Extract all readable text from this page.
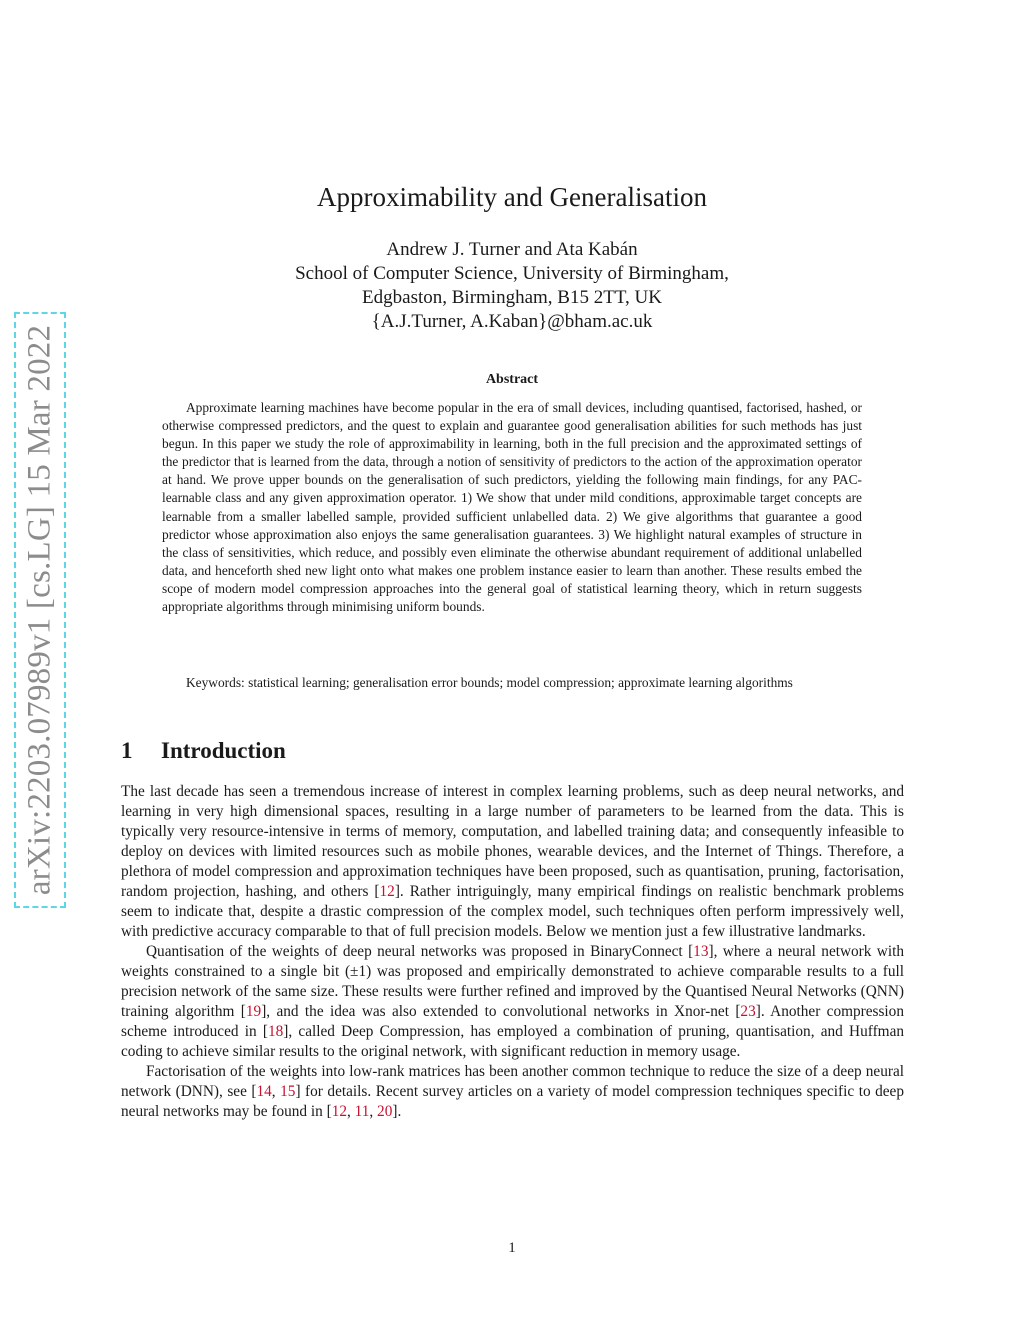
arXiv:2203.07989v1 [cs.LG] 15 Mar 2022
Approximability and Generalisation
Andrew J. Turner and Ata Kabán
School of Computer Science, University of Birmingham,
Edgbaston, Birmingham, B15 2TT, UK
{A.J.Turner, A.Kaban}@bham.ac.uk
Abstract

Approximate learning machines have become popular in the era of small devices, including quantised, factorised, hashed, or otherwise compressed predictors, and the quest to explain and guarantee good generalisation abilities for such methods has just begun. In this paper we study the role of approximability in learning, both in the full precision and the approximated settings of the predictor that is learned from the data, through a notion of sensitivity of predictors to the action of the approximation operator at hand. We prove upper bounds on the generalisation of such predictors, yielding the following main findings, for any PAC-learnable class and any given approximation operator. 1) We show that under mild conditions, approximable target concepts are learnable from a smaller labelled sample, provided sufficient unlabelled data. 2) We give algorithms that guarantee a good predictor whose approximation also enjoys the same generalisation guarantees. 3) We highlight natural examples of structure in the class of sensitivities, which reduce, and possibly even eliminate the otherwise abundant requirement of additional unlabelled data, and henceforth shed new light onto what makes one problem instance easier to learn than another. These results embed the scope of modern model compression approaches into the general goal of statistical learning theory, which in return suggests appropriate algorithms through minimising uniform bounds.

Keywords: statistical learning; generalisation error bounds; model compression; approximate learning algorithms

1 Introduction

The last decade has seen a tremendous increase of interest in complex learning problems, such as deep neural networks, and learning in very high dimensional spaces, resulting in a large number of parameters to be learned from the data. This is typically very resource-intensive in terms of memory, computation, and labelled training data; and consequently infeasible to deploy on devices with limited resources such as mobile phones, wearable devices, and the Internet of Things. Therefore, a plethora of model compression and approximation techniques have been proposed, such as quantisation, pruning, factorisation, random projection, hashing, and others [12]. Rather intriguingly, many empirical findings on realistic benchmark problems seem to indicate that, despite a drastic compression of the complex model, such techniques often perform impressively well, with predictive accuracy comparable to that of full precision models. Below we mention just a few illustrative landmarks.

Quantisation of the weights of deep neural networks was proposed in BinaryConnect [13], where a neural network with weights constrained to a single bit (±1) was proposed and empirically demonstrated to achieve comparable results to a full precision network of the same size. These results were further refined and improved by the Quantised Neural Networks (QNN) training algorithm [19], and the idea was also extended to convolutional networks in Xnor-net [23]. Another compression scheme introduced in [18], called Deep Compression, has employed a combination of pruning, quantisation, and Huffman coding to achieve similar results to the original network, with significant reduction in memory usage.

Factorisation of the weights into low-rank matrices has been another common technique to reduce the size of a deep neural network (DNN), see [14, 15] for details. Recent survey articles on a variety of model compression techniques specific to deep neural networks may be found in [12, 11, 20].

1
